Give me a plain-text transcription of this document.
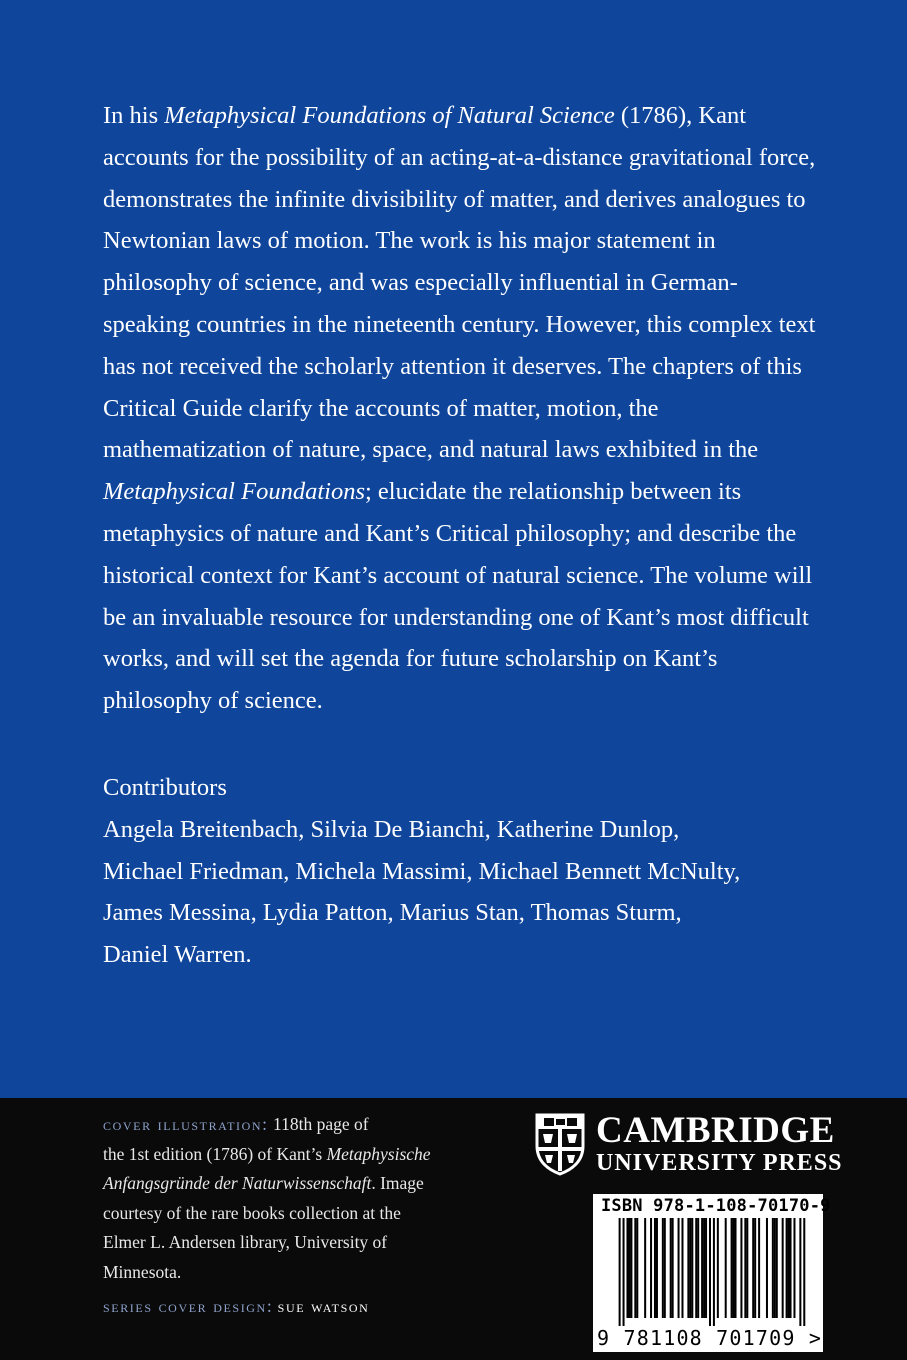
In his Metaphysical Foundations of Natural Science (1786), Kant accounts for the possibility of an acting-at-a-distance gravitational force, demonstrates the infinite divisibility of matter, and derives analogues to Newtonian laws of motion. The work is his major statement in philosophy of science, and was especially influential in German-speaking countries in the nineteenth century. However, this complex text has not received the scholarly attention it deserves. The chapters of this Critical Guide clarify the accounts of matter, motion, the mathematization of nature, space, and natural laws exhibited in the Metaphysical Foundations; elucidate the relationship between its metaphysics of nature and Kant’s Critical philosophy; and describe the historical context for Kant’s account of natural science. The volume will be an invaluable resource for understanding one of Kant’s most difficult works, and will set the agenda for future scholarship on Kant’s philosophy of science.

Contributors
Angela Breitenbach, Silvia De Bianchi, Katherine Dunlop,
Michael Friedman, Michela Massimi, Michael Bennett McNulty,
James Messina, Lydia Patton, Marius Stan, Thomas Sturm,
Daniel Warren.
cover illustration: 118th page of
the 1st edition (1786) of Kant’s Metaphysische
Anfangsgründe der Naturwissenschaft. Image
courtesy of the rare books collection at the
Elmer L. Andersen library, University of
Minnesota.
series cover design: sue watson
CAMBRIDGE
UNIVERSITY PRESS
ISBN 978-1-108-70170-9
9 781108 701709 >
